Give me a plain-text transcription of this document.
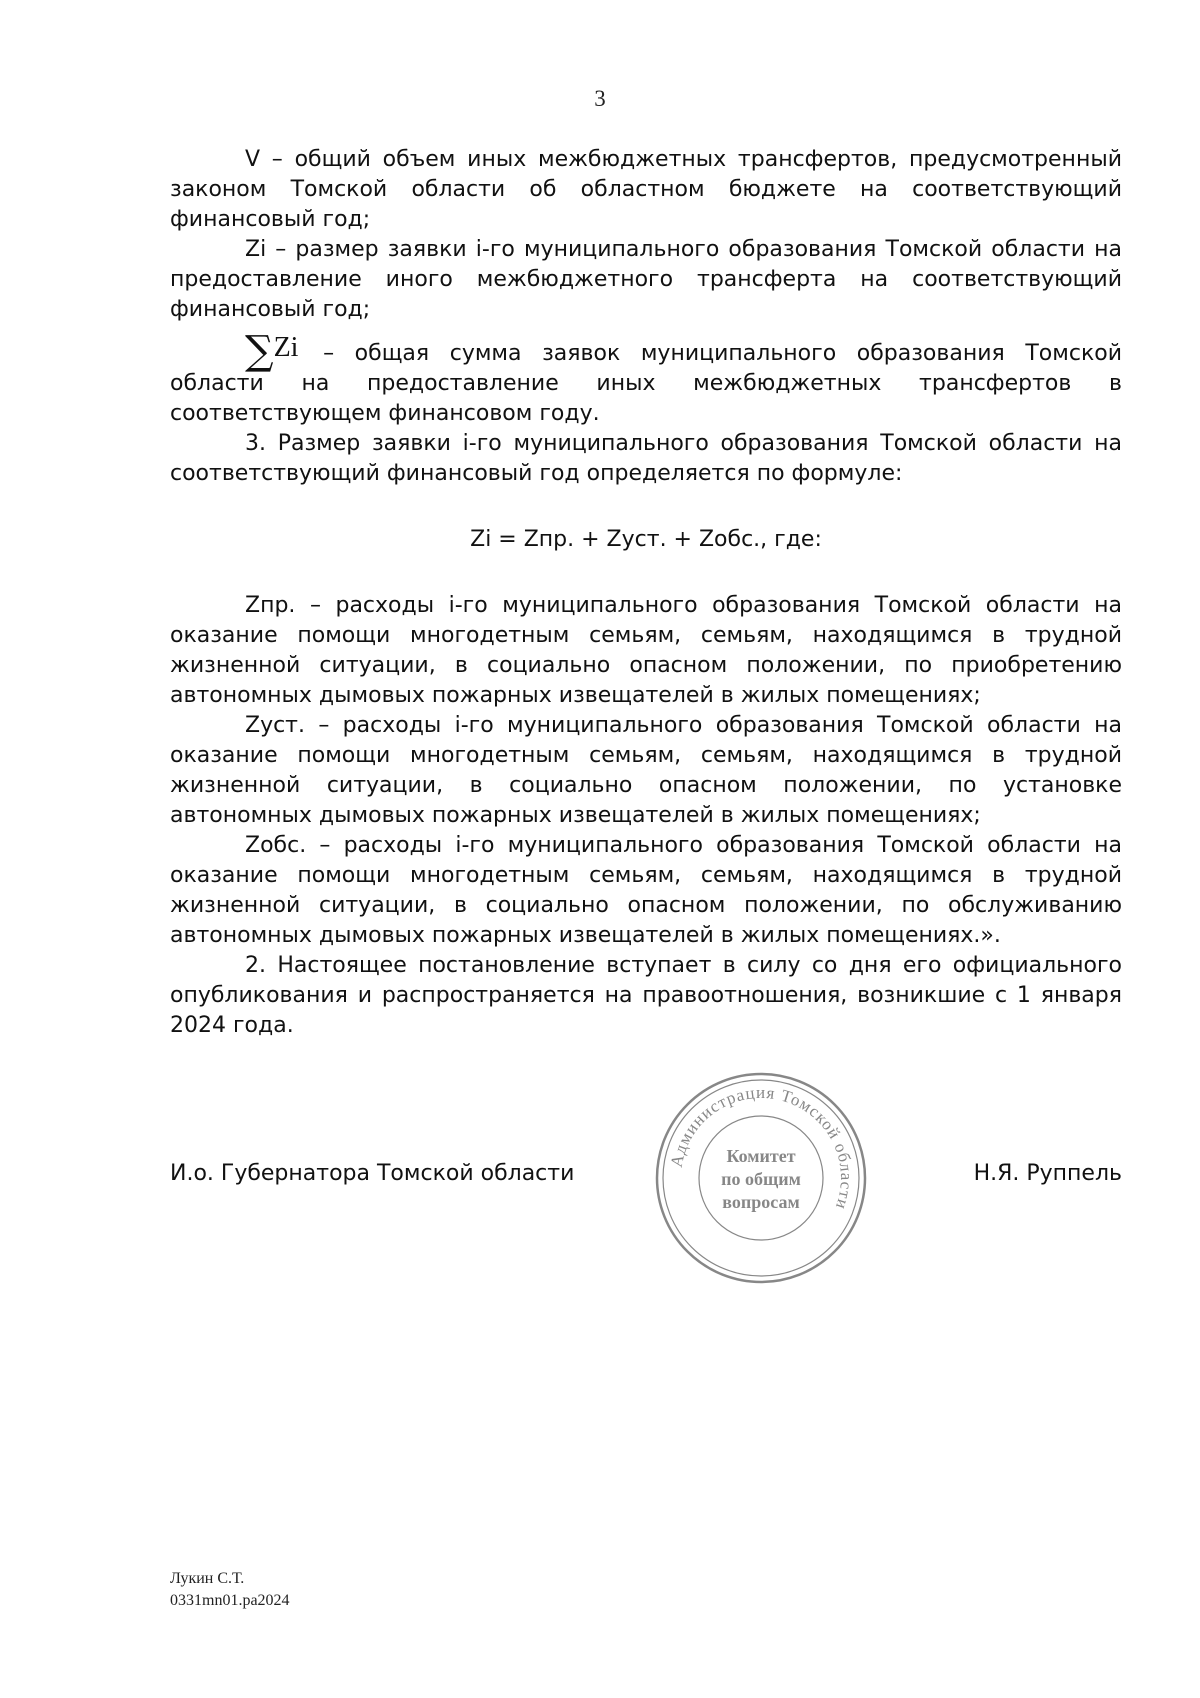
3

V – общий объем иных межбюджетных трансфертов, предусмотренный законом Томской области об областном бюджете на соответствующий финансовый год;

Zi – размер заявки i-го муниципального образования Томской области на предоставление иного межбюджетного трансферта на соответствующий финансовый год;

∑Zi – общая сумма заявок муниципального образования Томской области на предоставление иных межбюджетных трансфертов в соответствующем финансовом году.

3. Размер заявки i-го муниципального образования Томской области на соответствующий финансовый год определяется по формуле:

Zi = Zпр. + Zуст. + Zобс., где:

Zпр. – расходы i-го муниципального образования Томской области на оказание помощи многодетным семьям, семьям, находящимся в трудной жизненной ситуации, в социально опасном положении, по приобретению автономных дымовых пожарных извещателей в жилых помещениях;

Zуст. – расходы i-го муниципального образования Томской области на оказание помощи многодетным семьям, семьям, находящимся в трудной жизненной ситуации, в социально опасном положении, по установке автономных дымовых пожарных извещателей в жилых помещениях;

Zобс. – расходы i-го муниципального образования Томской области на оказание помощи многодетным семьям, семьям, находящимся в трудной жизненной ситуации, в социально опасном положении, по обслуживанию автономных дымовых пожарных извещателей в жилых помещениях.».

2. Настоящее постановление вступает в силу со дня его официального опубликования и распространяется на правоотношения, возникшие с 1 января 2024 года.

И.о. Губернатора Томской области
Администрация Томской области
Комитет
по общим
вопросам
Н.Я. Руппель
Лукин С.Т.
0331mn01.pa2024
